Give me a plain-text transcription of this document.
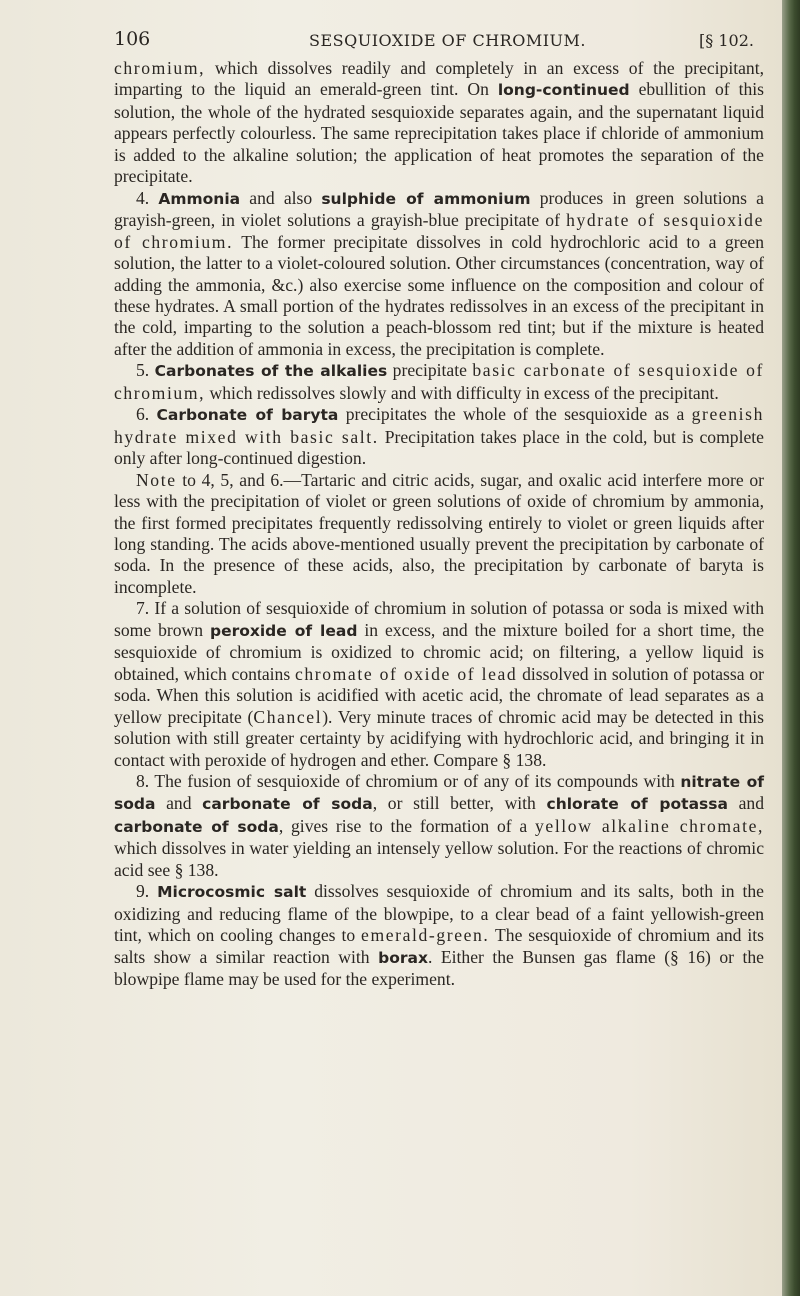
106	SESQUIOXIDE OF CHROMIUM.	[§ 102.

chromium, which dissolves readily and completely in an excess of the precipitant, imparting to the liquid an emerald-green tint. On long-continued ebullition of this solution, the whole of the hydrated sesquioxide separates again, and the supernatant liquid appears perfectly colourless. The same reprecipitation takes place if chloride of ammonium is added to the alkaline solution; the application of heat promotes the separation of the precipitate.

4. Ammonia and also sulphide of ammonium produces in green solutions a grayish-green, in violet solutions a grayish-blue precipitate of hydrate of sesquioxide of chromium. The former precipitate dissolves in cold hydrochloric acid to a green solution, the latter to a violet-coloured solution. Other circumstances (concentration, way of adding the ammonia, &c.) also exercise some influence on the composition and colour of these hydrates. A small portion of the hydrates redissolves in an excess of the precipitant in the cold, imparting to the solution a peach-blossom red tint; but if the mixture is heated after the addition of ammonia in excess, the precipitation is complete.

5. Carbonates of the alkalies precipitate basic carbonate of sesquioxide of chromium, which redissolves slowly and with difficulty in excess of the precipitant.

6. Carbonate of baryta precipitates the whole of the sesquioxide as a greenish hydrate mixed with basic salt. Precipitation takes place in the cold, but is complete only after long-continued digestion.

Note to 4, 5, and 6.—Tartaric and citric acids, sugar, and oxalic acid interfere more or less with the precipitation of violet or green solutions of oxide of chromium by ammonia, the first formed precipitates frequently redissolving entirely to violet or green liquids after long standing. The acids above-mentioned usually prevent the precipitation by carbonate of soda. In the presence of these acids, also, the precipitation by carbonate of baryta is incomplete.

7. If a solution of sesquioxide of chromium in solution of potassa or soda is mixed with some brown peroxide of lead in excess, and the mixture boiled for a short time, the sesquioxide of chromium is oxidized to chromic acid; on filtering, a yellow liquid is obtained, which contains chromate of oxide of lead dissolved in solution of potassa or soda. When this solution is acidified with acetic acid, the chromate of lead separates as a yellow precipitate (Chancel). Very minute traces of chromic acid may be detected in this solution with still greater certainty by acidifying with hydrochloric acid, and bringing it in contact with peroxide of hydrogen and ether. Compare § 138.

8. The fusion of sesquioxide of chromium or of any of its compounds with nitrate of soda and carbonate of soda, or still better, with chlorate of potassa and carbonate of soda, gives rise to the formation of a yellow alkaline chromate, which dissolves in water yielding an intensely yellow solution. For the reactions of chromic acid see § 138.

9. Microcosmic salt dissolves sesquioxide of chromium and its salts, both in the oxidizing and reducing flame of the blowpipe, to a clear bead of a faint yellowish-green tint, which on cooling changes to emerald-green. The sesquioxide of chromium and its salts show a similar reaction with borax. Either the Bunsen gas flame (§ 16) or the blowpipe flame may be used for the experiment.
